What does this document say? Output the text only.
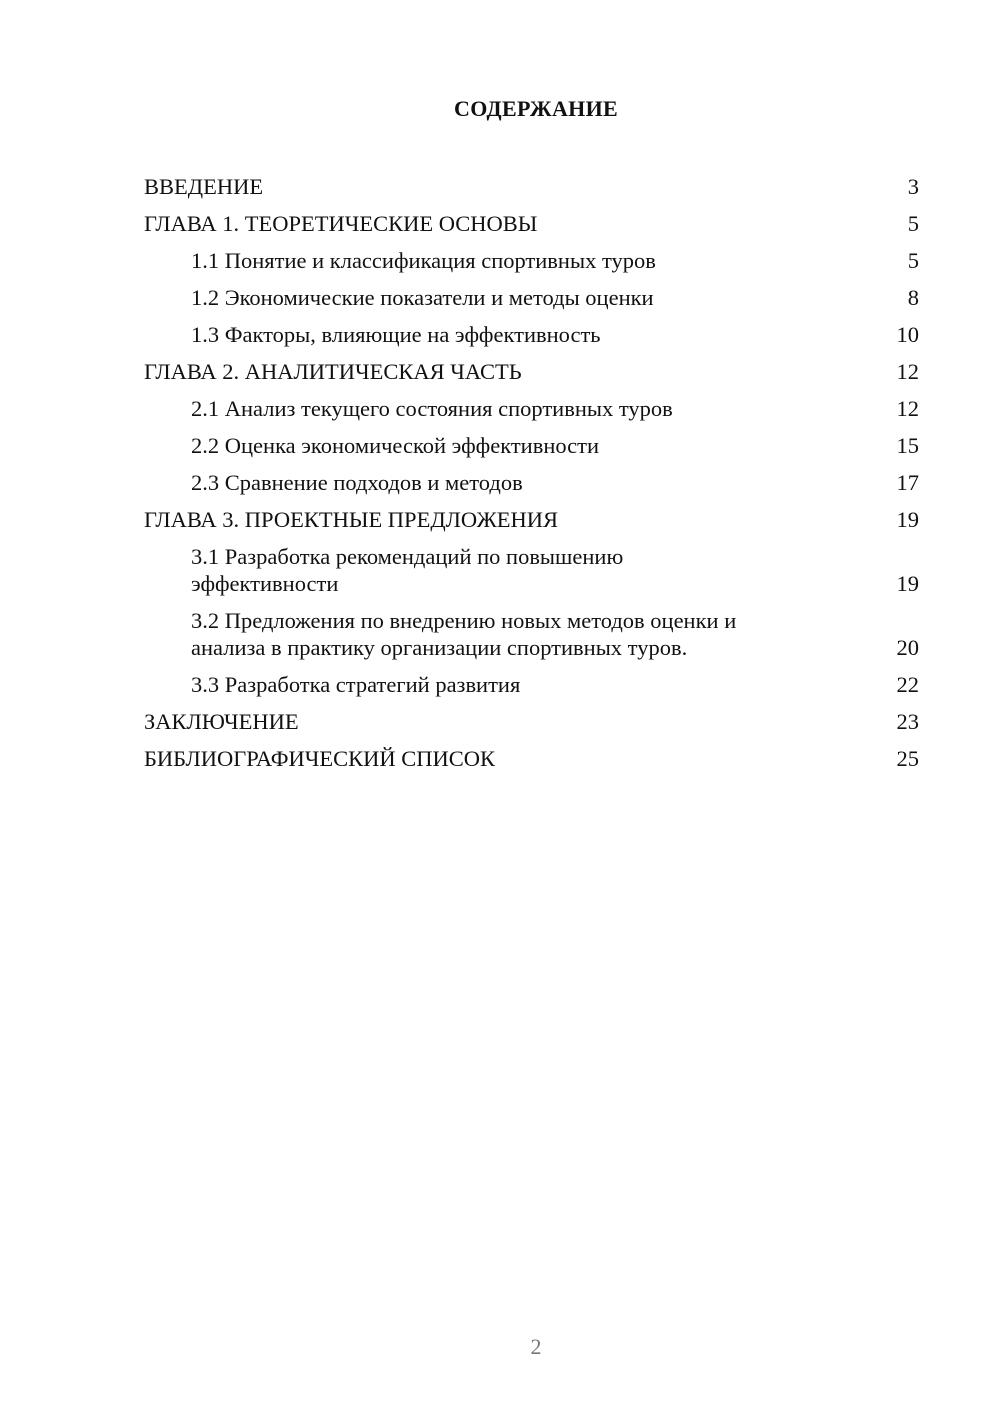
СОДЕРЖАНИЕ
ВВЕДЕНИЕ	3
ГЛАВА 1. ТЕОРЕТИЧЕСКИЕ ОСНОВЫ	5
1.1 Понятие и классификация спортивных туров	5
1.2 Экономические показатели и методы оценки	8
1.3 Факторы, влияющие на эффективность	10
ГЛАВА 2. АНАЛИТИЧЕСКАЯ ЧАСТЬ	12
2.1 Анализ текущего состояния спортивных туров	12
2.2 Оценка экономической эффективности	15
2.3 Сравнение подходов и методов	17
ГЛАВА 3. ПРОЕКТНЫЕ ПРЕДЛОЖЕНИЯ	19
3.1 Разработка рекомендаций по повышению эффективности	19
3.2 Предложения по внедрению новых методов оценки и анализа в практику организации спортивных туров.	20
3.3 Разработка стратегий развития	22
ЗАКЛЮЧЕНИЕ	23
БИБЛИОГРАФИЧЕСКИЙ СПИСОК	25
2
